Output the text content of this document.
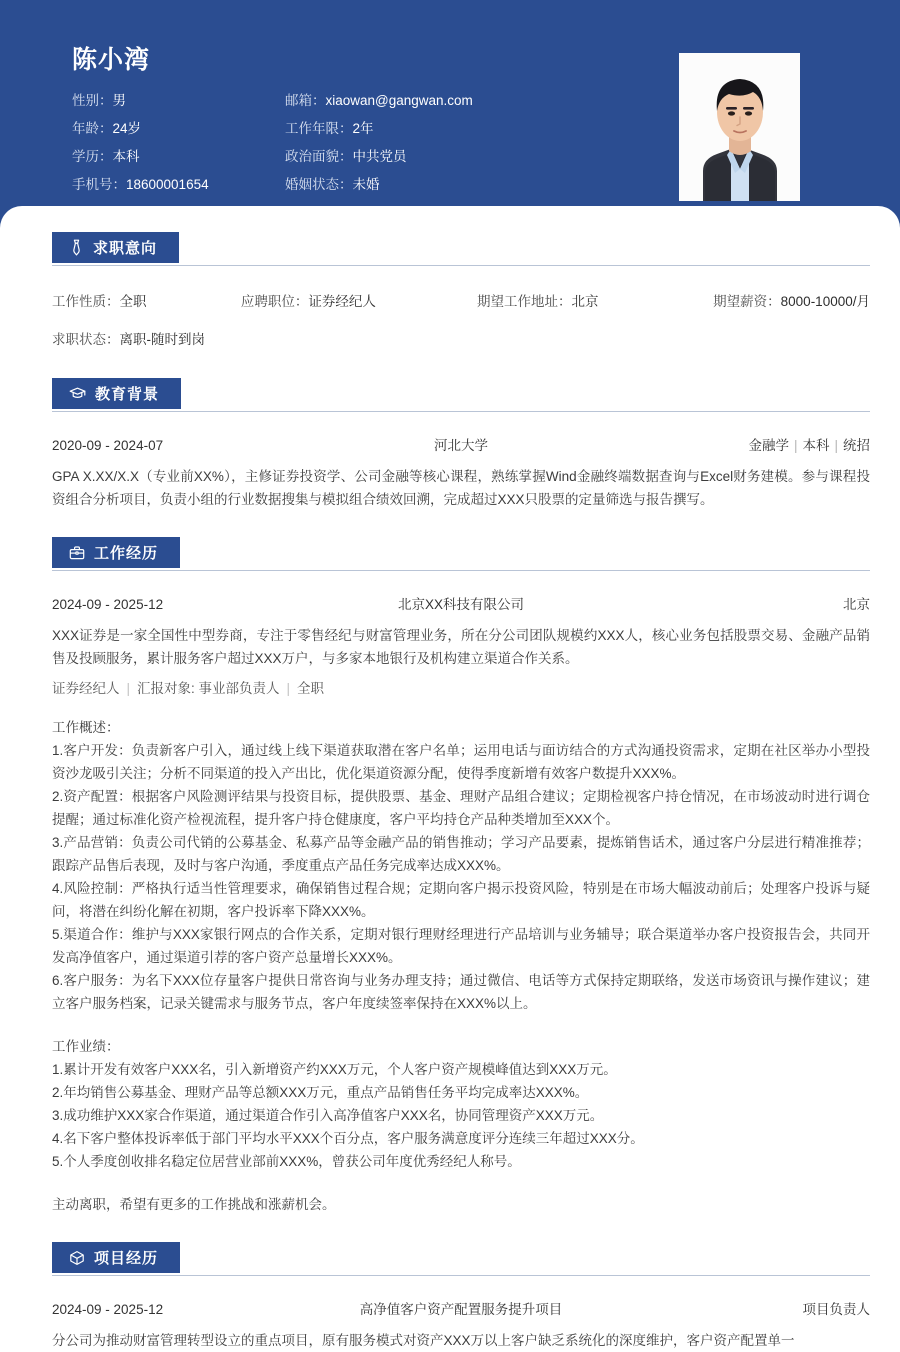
陈小湾
性别：男	邮箱：xiaowan@gangwan.com
年龄：24岁	工作年限：2年
学历：本科	政治面貌：中共党员
手机号：18600001654	婚姻状态：未婚
求职意向
工作性质：全职	应聘职位：证券经纪人	期望工作地址：北京	期望薪资：8000-10000/月
求职状态：离职-随时到岗
教育背景
2020-09 - 2024-07	河北大学	金融学 | 本科 | 统招
GPA X.XX/X.X（专业前XX%），主修证券投资学、公司金融等核心课程，熟练掌握Wind金融终端数据查询与Excel财务建模。参与课程投资组合分析项目，负责小组的行业数据搜集与模拟组合绩效回溯，完成超过XXX只股票的定量筛选与报告撰写。
工作经历
2024-09 - 2025-12	北京XX科技有限公司	北京
XXX证券是一家全国性中型券商，专注于零售经纪与财富管理业务，所在分公司团队规模约XXX人，核心业务包括股票交易、金融产品销售及投顾服务，累计服务客户超过XXX万户，与多家本地银行及机构建立渠道合作关系。
证券经纪人 | 汇报对象: 事业部负责人 | 全职
工作概述：
1.客户开发：负责新客户引入，通过线上线下渠道获取潜在客户名单；运用电话与面访结合的方式沟通投资需求，定期在社区举办小型投资沙龙吸引关注；分析不同渠道的投入产出比，优化渠道资源分配，使得季度新增有效客户数提升XXX%。
2.资产配置：根据客户风险测评结果与投资目标，提供股票、基金、理财产品组合建议；定期检视客户持仓情况，在市场波动时进行调仓提醒；通过标准化资产检视流程，提升客户持仓健康度，客户平均持仓产品种类增加至XXX个。
3.产品营销：负责公司代销的公募基金、私募产品等金融产品的销售推动；学习产品要素，提炼销售话术，通过客户分层进行精准推荐；跟踪产品售后表现，及时与客户沟通，季度重点产品任务完成率达成XXX%。
4.风险控制：严格执行适当性管理要求，确保销售过程合规；定期向客户揭示投资风险，特别是在市场大幅波动前后；处理客户投诉与疑问，将潜在纠纷化解在初期，客户投诉率下降XXX%。
5.渠道合作：维护与XXX家银行网点的合作关系，定期对银行理财经理进行产品培训与业务辅导；联合渠道举办客户投资报告会，共同开发高净值客户，通过渠道引荐的客户资产总量增长XXX%。
6.客户服务：为名下XXX位存量客户提供日常咨询与业务办理支持；通过微信、电话等方式保持定期联络，发送市场资讯与操作建议；建立客户服务档案，记录关键需求与服务节点，客户年度续签率保持在XXX%以上。
工作业绩：
1.累计开发有效客户XXX名，引入新增资产约XXX万元，个人客户资产规模峰值达到XXX万元。
2.年均销售公募基金、理财产品等总额XXX万元，重点产品销售任务平均完成率达XXX%。
3.成功维护XXX家合作渠道，通过渠道合作引入高净值客户XXX名，协同管理资产XXX万元。
4.名下客户整体投诉率低于部门平均水平XXX个百分点，客户服务满意度评分连续三年超过XXX分。
5.个人季度创收排名稳定位居营业部前XXX%，曾获公司年度优秀经纪人称号。
主动离职，希望有更多的工作挑战和涨薪机会。
项目经历
2024-09 - 2025-12	高净值客户资产配置服务提升项目	项目负责人
分公司为推动财富管理转型设立的重点项目，原有服务模式对资产XXX万以上客户缺乏系统化的深度维护，客户资产配置单一
